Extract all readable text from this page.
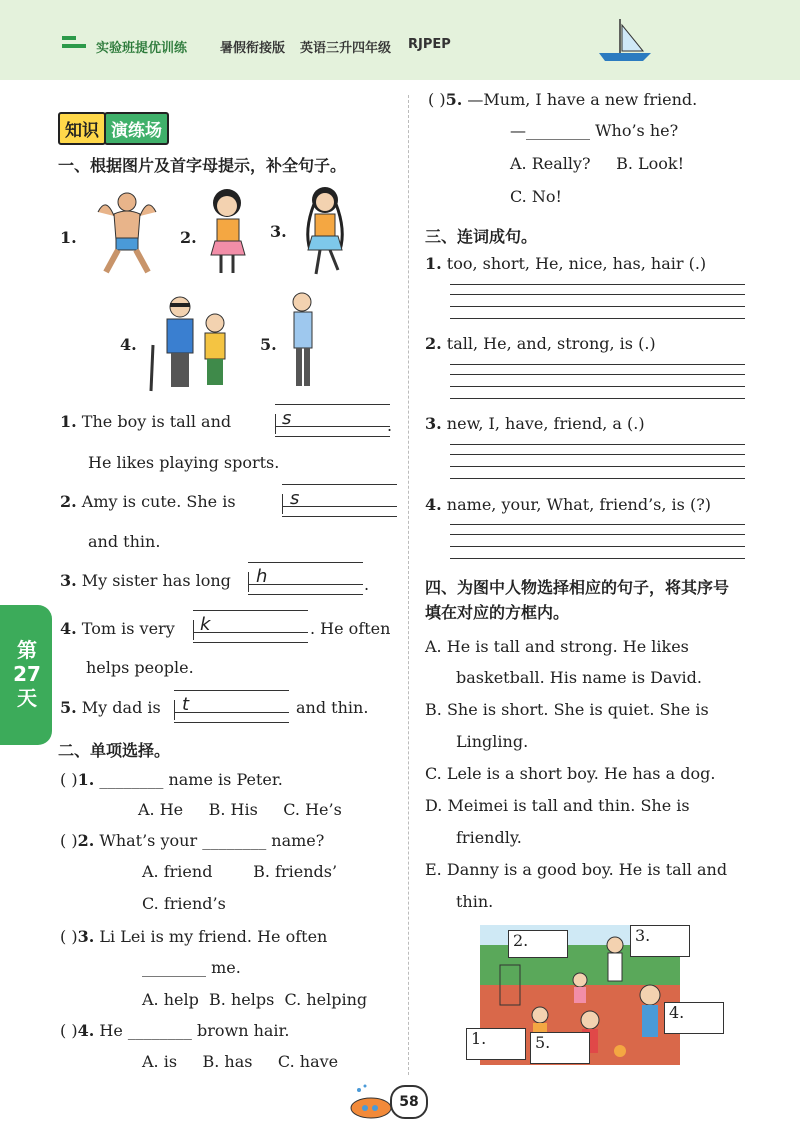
实验班提优训练	暑假衔接版 英语三升四年级 RJPEP
知识 演练场
一、根据图片及首字母提示，补全句子。
1.	2.	3.
4.	5.
1. The boy is tall and	s	.
He likes playing sports.
2. Amy is cute. She is	s
and thin.
3. My sister has long h	.
4. Tom is very k	. He often
helps people.
5. My dad is t	and thin.
第27天
二、单项选择。
( )1. ________ name is Peter.
A. He B. His C. He’s
( )2. What’s your ________ name?
A. friend	B. friends’
C. friend’s
( )3. Li Lei is my friend. He often
________ me.
A. help B. helps C. helping
( )4. He ________ brown hair.
A. is B. has C. have
( )5. —Mum, I have a new friend.
—________ Who’s he?
A. Really? B. Look!
C. No!
三、连词成句。
1. too, short, He, nice, has, hair (.)
2. tall, He, and, strong, is (.)
3. new, I, have, friend, a (.)
4. name, your, What, friend’s, is (?)
四、为图中人物选择相应的句子，将其序号
填在对应的方框内。
A. He is tall and strong. He likes
basketball. His name is David.
B. She is short. She is quiet. She is
Lingling.
C. Lele is a short boy. He has a dog.
D. Meimei is tall and thin. She is
friendly.
E. Danny is a good boy. He is tall and
thin.
2.	3.
4.
1.	5.
58
